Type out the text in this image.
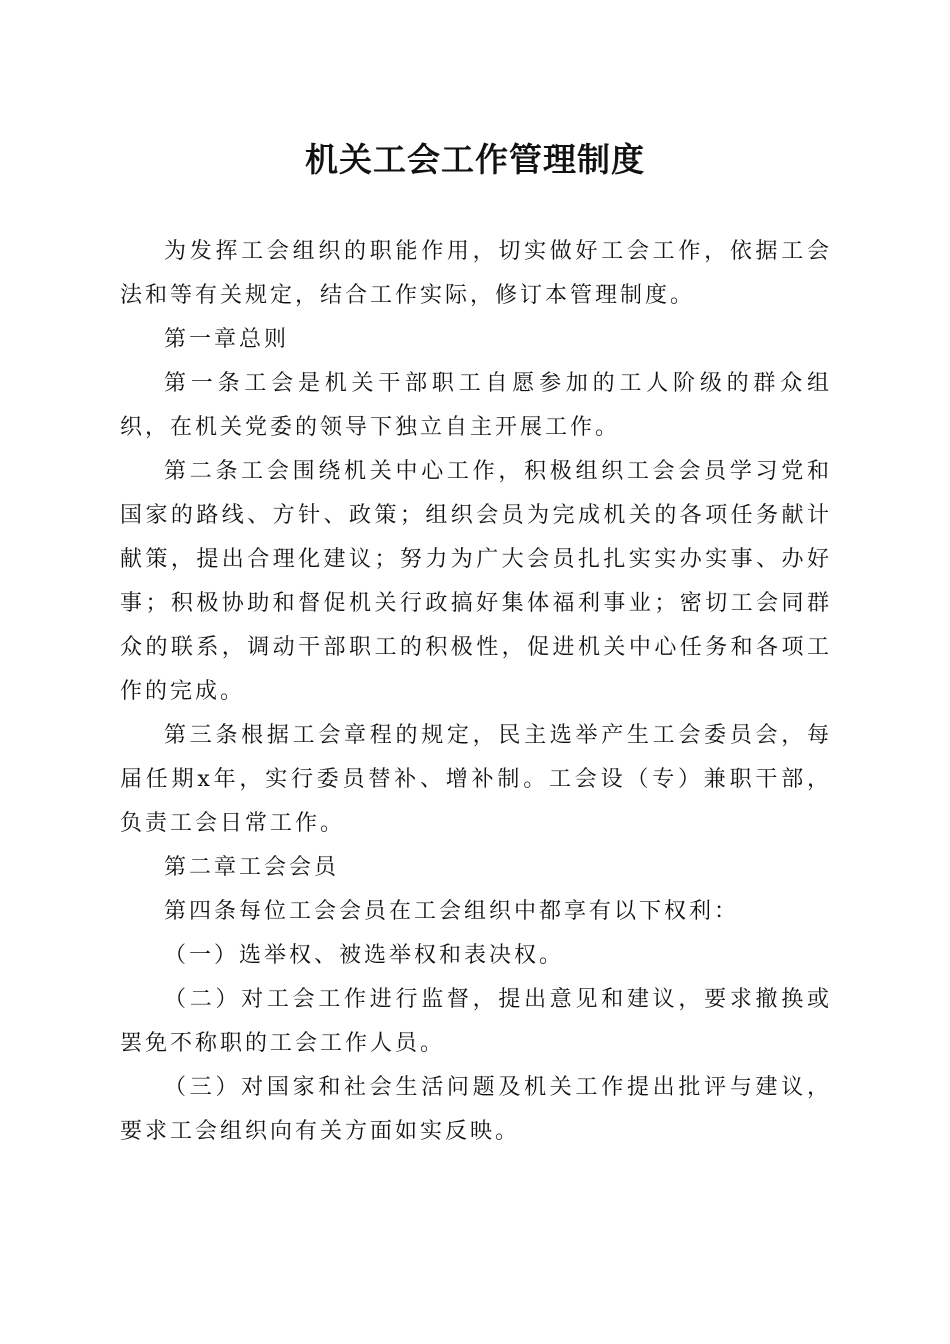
机关工会工作管理制度

为发挥工会组织的职能作用，切实做好工会工作，依据工会法和等有关规定，结合工作实际，修订本管理制度。

第一章总则

第一条工会是机关干部职工自愿参加的工人阶级的群众组织，在机关党委的领导下独立自主开展工作。

第二条工会围绕机关中心工作，积极组织工会会员学习党和国家的路线、方针、政策；组织会员为完成机关的各项任务献计献策，提出合理化建议；努力为广大会员扎扎实实办实事、办好事；积极协助和督促机关行政搞好集体福利事业；密切工会同群众的联系，调动干部职工的积极性，促进机关中心任务和各项工作的完成。

第三条根据工会章程的规定，民主选举产生工会委员会，每届任期x年，实行委员替补、增补制。工会设（专）兼职干部，负责工会日常工作。

第二章工会会员

第四条每位工会会员在工会组织中都享有以下权利：

（一）选举权、被选举权和表决权。

（二）对工会工作进行监督，提出意见和建议，要求撤换或罢免不称职的工会工作人员。

（三）对国家和社会生活问题及机关工作提出批评与建议，要求工会组织向有关方面如实反映。
